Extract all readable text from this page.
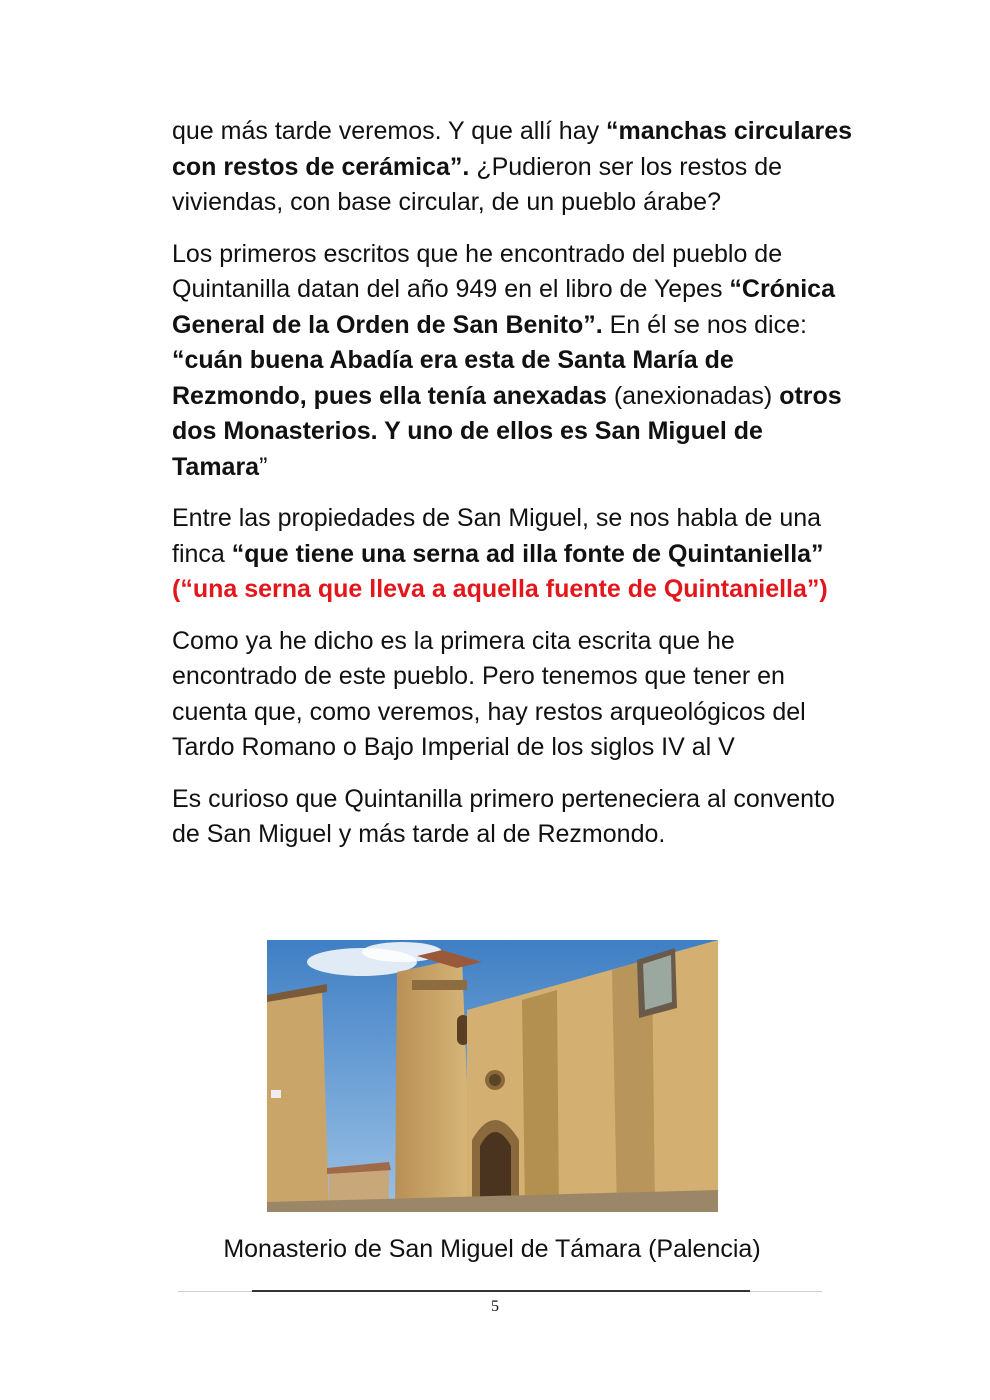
que más tarde veremos. Y que allí hay “manchas circulares con restos de cerámica”. ¿Pudieron ser los restos de viviendas, con base circular, de un pueblo árabe?

Los primeros escritos que he encontrado del pueblo de Quintanilla datan del año 949 en el libro de Yepes “Crónica General de la Orden de San Benito”. En él se nos dice: “cuán buena Abadía era esta de Santa María de Rezmondo, pues ella tenía anexadas (anexionadas) otros dos Monasterios. Y uno de ellos es San Miguel de Tamara”

Entre las propiedades de San Miguel, se nos habla de una finca “que tiene una serna ad illa fonte de Quintaniella” (“una serna que lleva a aquella fuente de Quintaniella”)

Como ya he dicho es la primera cita escrita que he encontrado de este pueblo. Pero tenemos que tener en cuenta que, como veremos, hay restos arqueológicos del Tardo Romano o Bajo Imperial de los siglos IV al V

Es curioso que Quintanilla primero perteneciera al convento de San Miguel y más tarde al de Rezmondo.

Monasterio de San Miguel de Támara (Palencia)
5
